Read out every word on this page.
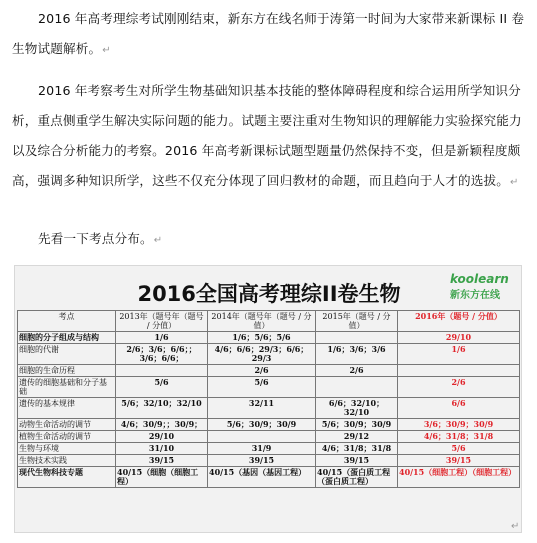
2016 年高考理综考试刚刚结束，新东方在线名师于涛第一时间为大家带来新课标 II 卷
生物试题解析。↵
2016 年考察考生对所学生物基础知识基本技能的整体障碍程度和综合运用所学知识分
析，重点侧重学生解决实际问题的能力。试题主要注重对生物知识的理解能力实验探究能力
以及综合分析能力的考察。2016 年高考新课标试题型题量仍然保持不变，但是新颖程度颇
高，强调多种知识所学，这些不仅充分体现了回归教材的命题，而且趋向于人才的选拔。↵
先看一下考点分布。↵
2016全国高考理综II卷生物
koolearn
新东方在线
考点	2013年（题号年（题号 / 分值）	2014年（题号年（题号 / 分值）	2015年（题号 / 分值）	2016年（题号 / 分值）
细胞的分子组成与结构	1/6	1/6；5/6；5/6		29/10
细胞的代谢	2/6；3/6；6/6；；3/6；6/6；	4/6；6/6；29/3；6/6；29/3	1/6；3/6；3/6	1/6
细胞的生命历程		2/6	2/6	
遗传的细胞基础和分子基础	5/6	5/6		2/6
遗传的基本规律	5/6；32/10；32/10	32/11	6/6；32/10；32/10	6/6
动物生命活动的调节	4/6；30/9；；30/9；	5/6；30/9；30/9	5/6；30/9；30/9	3/6；30/9；30/9
植物生命活动的调节	29/10		29/12	4/6；31/8；31/8
生物与环境	31/10	31/9	4/6；31/8；31/8	5/6
生物技术实践	39/15	39/15	39/15	39/15
现代生物科技专题	40/15（细胞（细胞工程）	40/15（基因（基因工程）	40/15（蛋白质工程（蛋白质工程）	40/15（细胞工程）（细胞工程）
↵
